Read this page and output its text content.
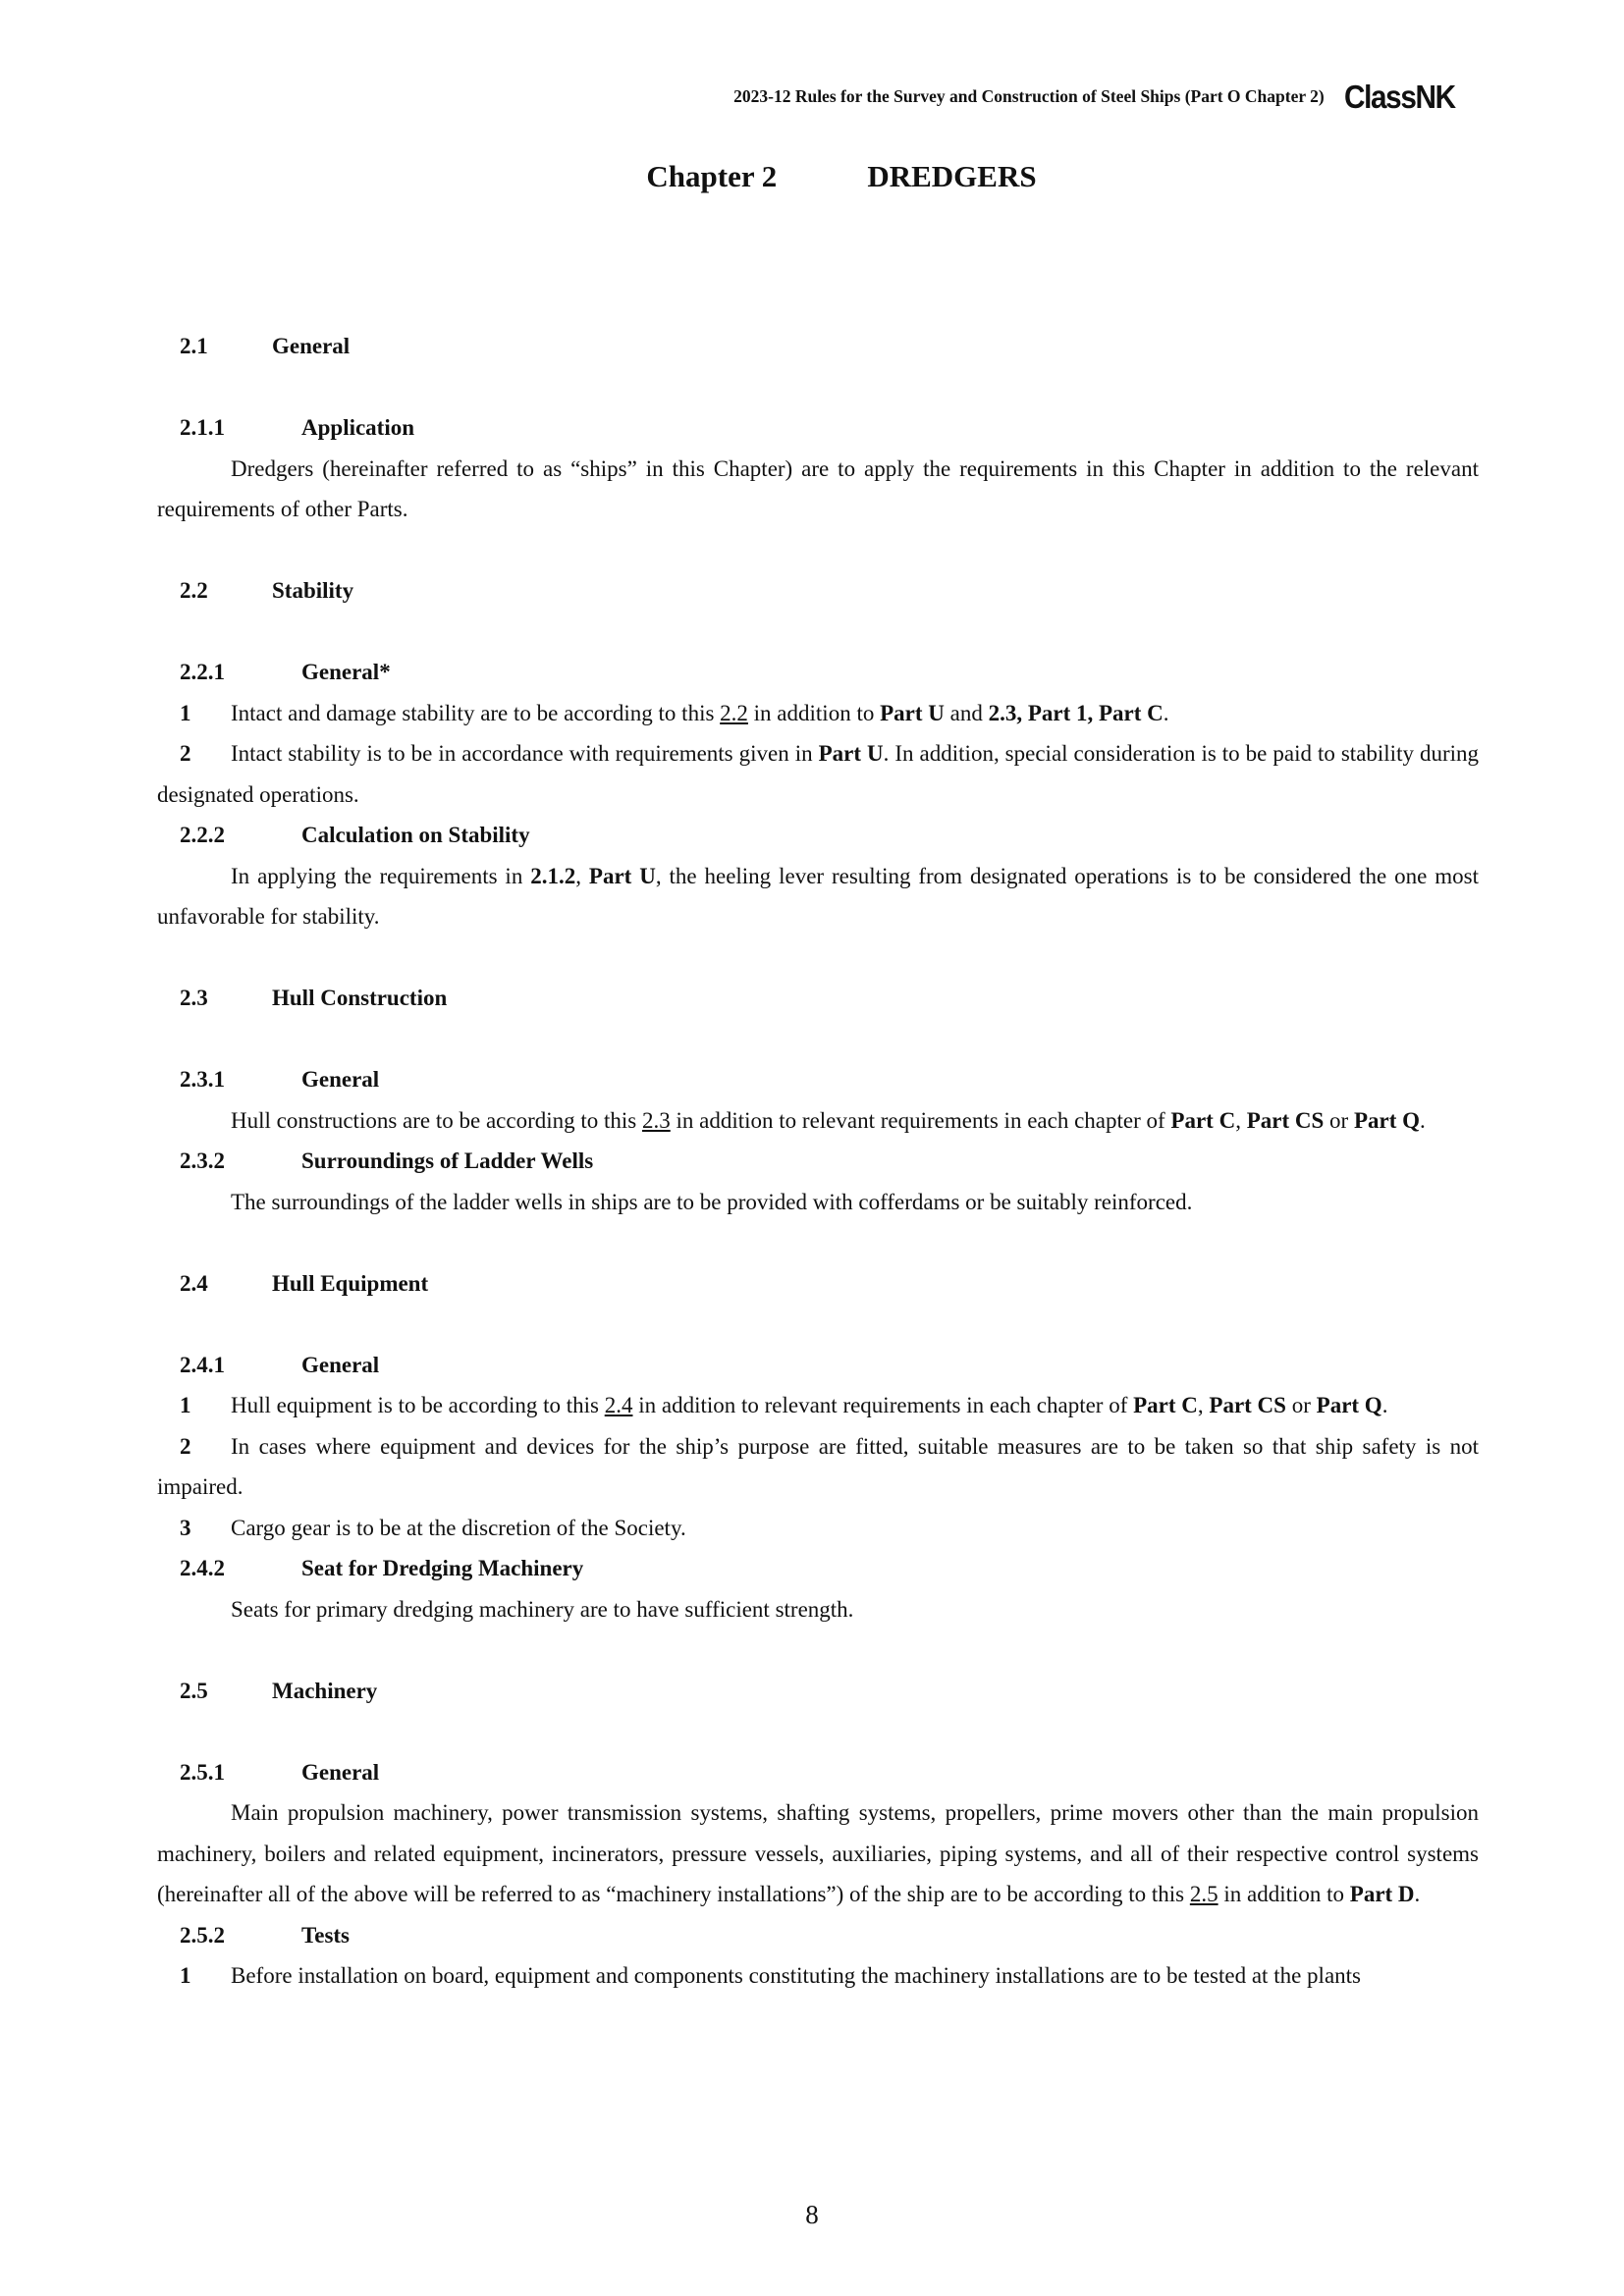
2023-12 Rules for the Survey and Construction of Steel Ships (Part O Chapter 2) ClassNK
Chapter 2	DREDGERS
2.1	General
2.1.1	Application

Dredgers (hereinafter referred to as “ships” in this Chapter) are to apply the requirements in this Chapter in addition to the relevant requirements of other Parts.

2.2	Stability
2.2.1	General*

1 Intact and damage stability are to be according to this 2.2 in addition to Part U and 2.3, Part 1, Part C.

2 Intact stability is to be in accordance with requirements given in Part U. In addition, special consideration is to be paid to stability during designated operations.

2.2.2	Calculation on Stability

In applying the requirements in 2.1.2, Part U, the heeling lever resulting from designated operations is to be considered the one most unfavorable for stability.

2.3	Hull Construction
2.3.1	General

Hull constructions are to be according to this 2.3 in addition to relevant requirements in each chapter of Part C, Part CS or Part Q.

2.3.2	Surroundings of Ladder Wells

The surroundings of the ladder wells in ships are to be provided with cofferdams or be suitably reinforced.

2.4	Hull Equipment
2.4.1	General

1 Hull equipment is to be according to this 2.4 in addition to relevant requirements in each chapter of Part C, Part CS or Part Q.

2 In cases where equipment and devices for the ship’s purpose are fitted, suitable measures are to be taken so that ship safety is not impaired.

3 Cargo gear is to be at the discretion of the Society.

2.4.2	Seat for Dredging Machinery

Seats for primary dredging machinery are to have sufficient strength.

2.5	Machinery
2.5.1	General

Main propulsion machinery, power transmission systems, shafting systems, propellers, prime movers other than the main propulsion machinery, boilers and related equipment, incinerators, pressure vessels, auxiliaries, piping systems, and all of their respective control systems (hereinafter all of the above will be referred to as “machinery installations”) of the ship are to be according to this 2.5 in addition to Part D.

2.5.2	Tests

1 Before installation on board, equipment and components constituting the machinery installations are to be tested at the plants

8
